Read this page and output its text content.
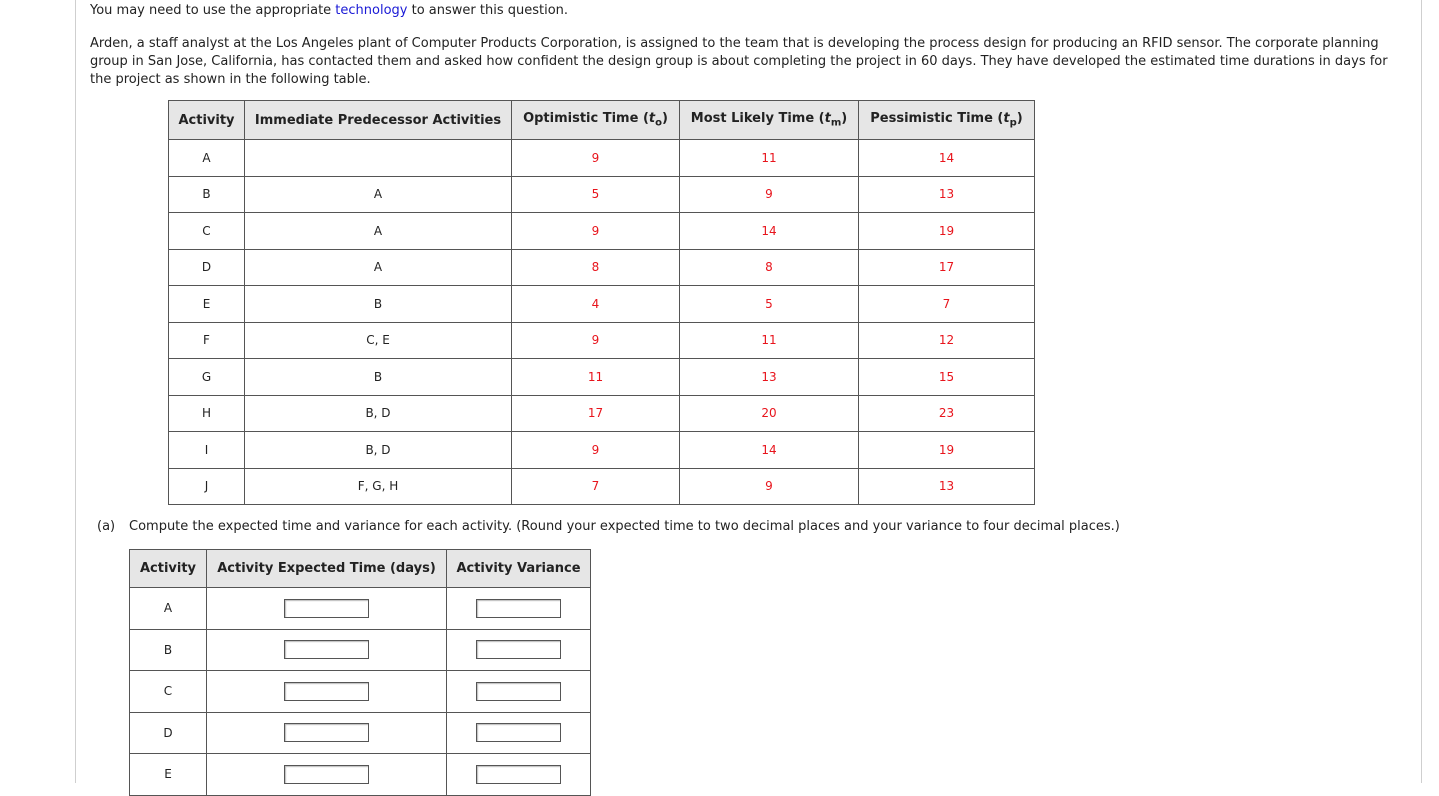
You may need to use the appropriate technology to answer this question.

Arden, a staff analyst at the Los Angeles plant of Computer Products Corporation, is assigned to the team that is developing the process design for producing an RFID sensor. The corporate planning group in San Jose, California, has contacted them and asked how confident the design group is about completing the project in 60 days. They have developed the estimated time durations in days for the project as shown in the following table.

Activity	Immediate Predecessor Activities	Optimistic Time $(t_o)$	Most Likely Time $(t_m)$	Pessimistic Time $(t_p)$
A		9	11	14
B	A	5	9	13
C	A	9	14	19
D	A	8	8	17
E	B	4	5	7
F	C, E	9	11	12
G	B	11	13	15
H	B, D	17	20	23
I	B, D	9	14	19
J	F, G, H	7	9	13

(a) Compute the expected time and variance for each activity. (Round your expected time to two decimal places and your variance to four decimal places.)

Activity	Activity Expected Time (days)	Activity Variance
A		
B		
C		
D		
E		
